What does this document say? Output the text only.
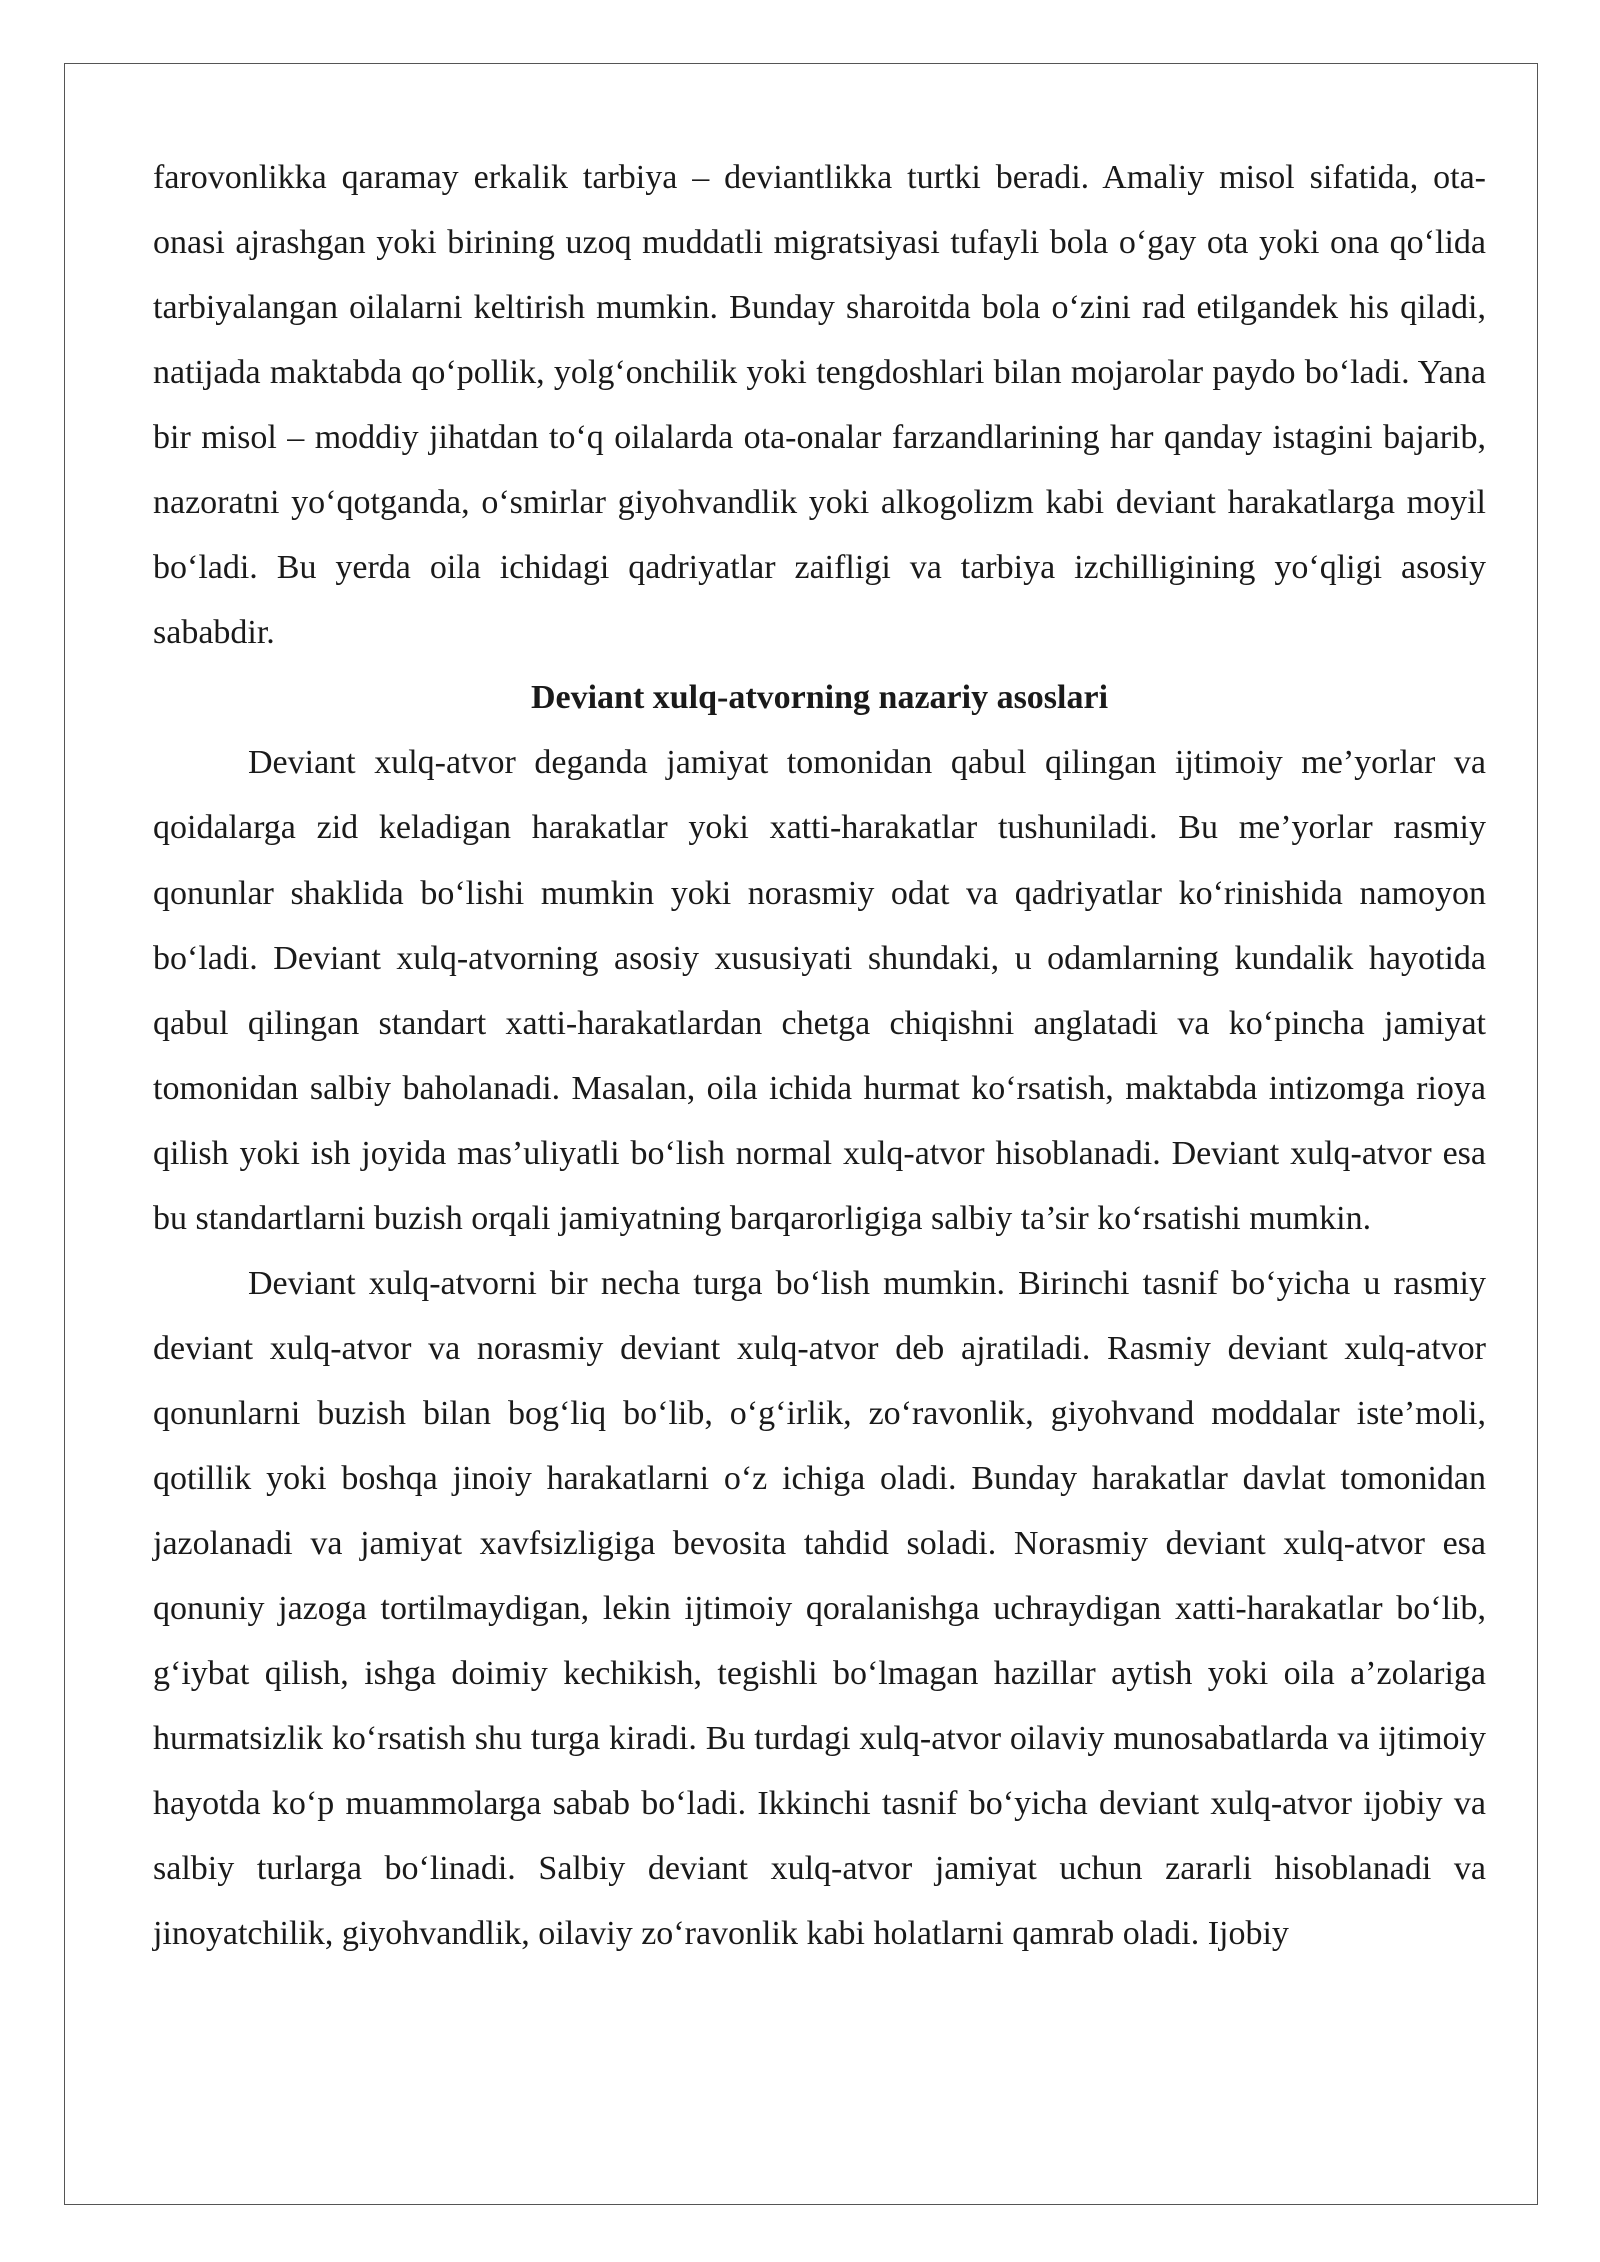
farovonlikka qaramay erkalik tarbiya – deviantlikka turtki beradi. Amaliy misol sifatida, ota-onasi ajrashgan yoki birining uzoq muddatli migratsiyasi tufayli bola o‘gay ota yoki ona qo‘lida tarbiyalangan oilalarni keltirish mumkin. Bunday sharoitda bola o‘zini rad etilgandek his qiladi, natijada maktabda qo‘pollik, yolg‘onchilik yoki tengdoshlari bilan mojarolar paydo bo‘ladi. Yana bir misol – moddiy jihatdan to‘q oilalarda ota-onalar farzandlarining har qanday istagini bajarib, nazoratni yo‘qotganda, o‘smirlar giyohvandlik yoki alkogolizm kabi deviant harakatlarga moyil bo‘ladi. Bu yerda oila ichidagi qadriyatlar zaifligi va tarbiya izchilligining yo‘qligi asosiy sababdir.

Deviant xulq-atvorning nazariy asoslari

Deviant xulq-atvor deganda jamiyat tomonidan qabul qilingan ijtimoiy me’yorlar va qoidalarga zid keladigan harakatlar yoki xatti-harakatlar tushuniladi. Bu me’yorlar rasmiy qonunlar shaklida bo‘lishi mumkin yoki norasmiy odat va qadriyatlar ko‘rinishida namoyon bo‘ladi. Deviant xulq-atvorning asosiy xususiyati shundaki, u odamlarning kundalik hayotida qabul qilingan standart xatti-harakatlardan chetga chiqishni anglatadi va ko‘pincha jamiyat tomonidan salbiy baholanadi. Masalan, oila ichida hurmat ko‘rsatish, maktabda intizomga rioya qilish yoki ish joyida mas’uliyatli bo‘lish normal xulq-atvor hisoblanadi. Deviant xulq-atvor esa bu standartlarni buzish orqali jamiyatning barqarorligiga salbiy ta’sir ko‘rsatishi mumkin.

Deviant xulq-atvorni bir necha turga bo‘lish mumkin. Birinchi tasnif bo‘yicha u rasmiy deviant xulq-atvor va norasmiy deviant xulq-atvor deb ajratiladi. Rasmiy deviant xulq-atvor qonunlarni buzish bilan bog‘liq bo‘lib, o‘g‘irlik, zo‘ravonlik, giyohvand moddalar iste’moli, qotillik yoki boshqa jinoiy harakatlarni o‘z ichiga oladi. Bunday harakatlar davlat tomonidan jazolanadi va jamiyat xavfsizligiga bevosita tahdid soladi. Norasmiy deviant xulq-atvor esa qonuniy jazoga tortilmaydigan, lekin ijtimoiy qoralanishga uchraydigan xatti-harakatlar bo‘lib, g‘iybat qilish, ishga doimiy kechikish, tegishli bo‘lmagan hazillar aytish yoki oila a’zolariga hurmatsizlik ko‘rsatish shu turga kiradi. Bu turdagi xulq-atvor oilaviy munosabatlarda va ijtimoiy hayotda ko‘p muammolarga sabab bo‘ladi. Ikkinchi tasnif bo‘yicha deviant xulq-atvor ijobiy va salbiy turlarga bo‘linadi. Salbiy deviant xulq-atvor jamiyat uchun zararli hisoblanadi va jinoyatchilik, giyohvandlik, oilaviy zo‘ravonlik kabi holatlarni qamrab oladi. Ijobiy
